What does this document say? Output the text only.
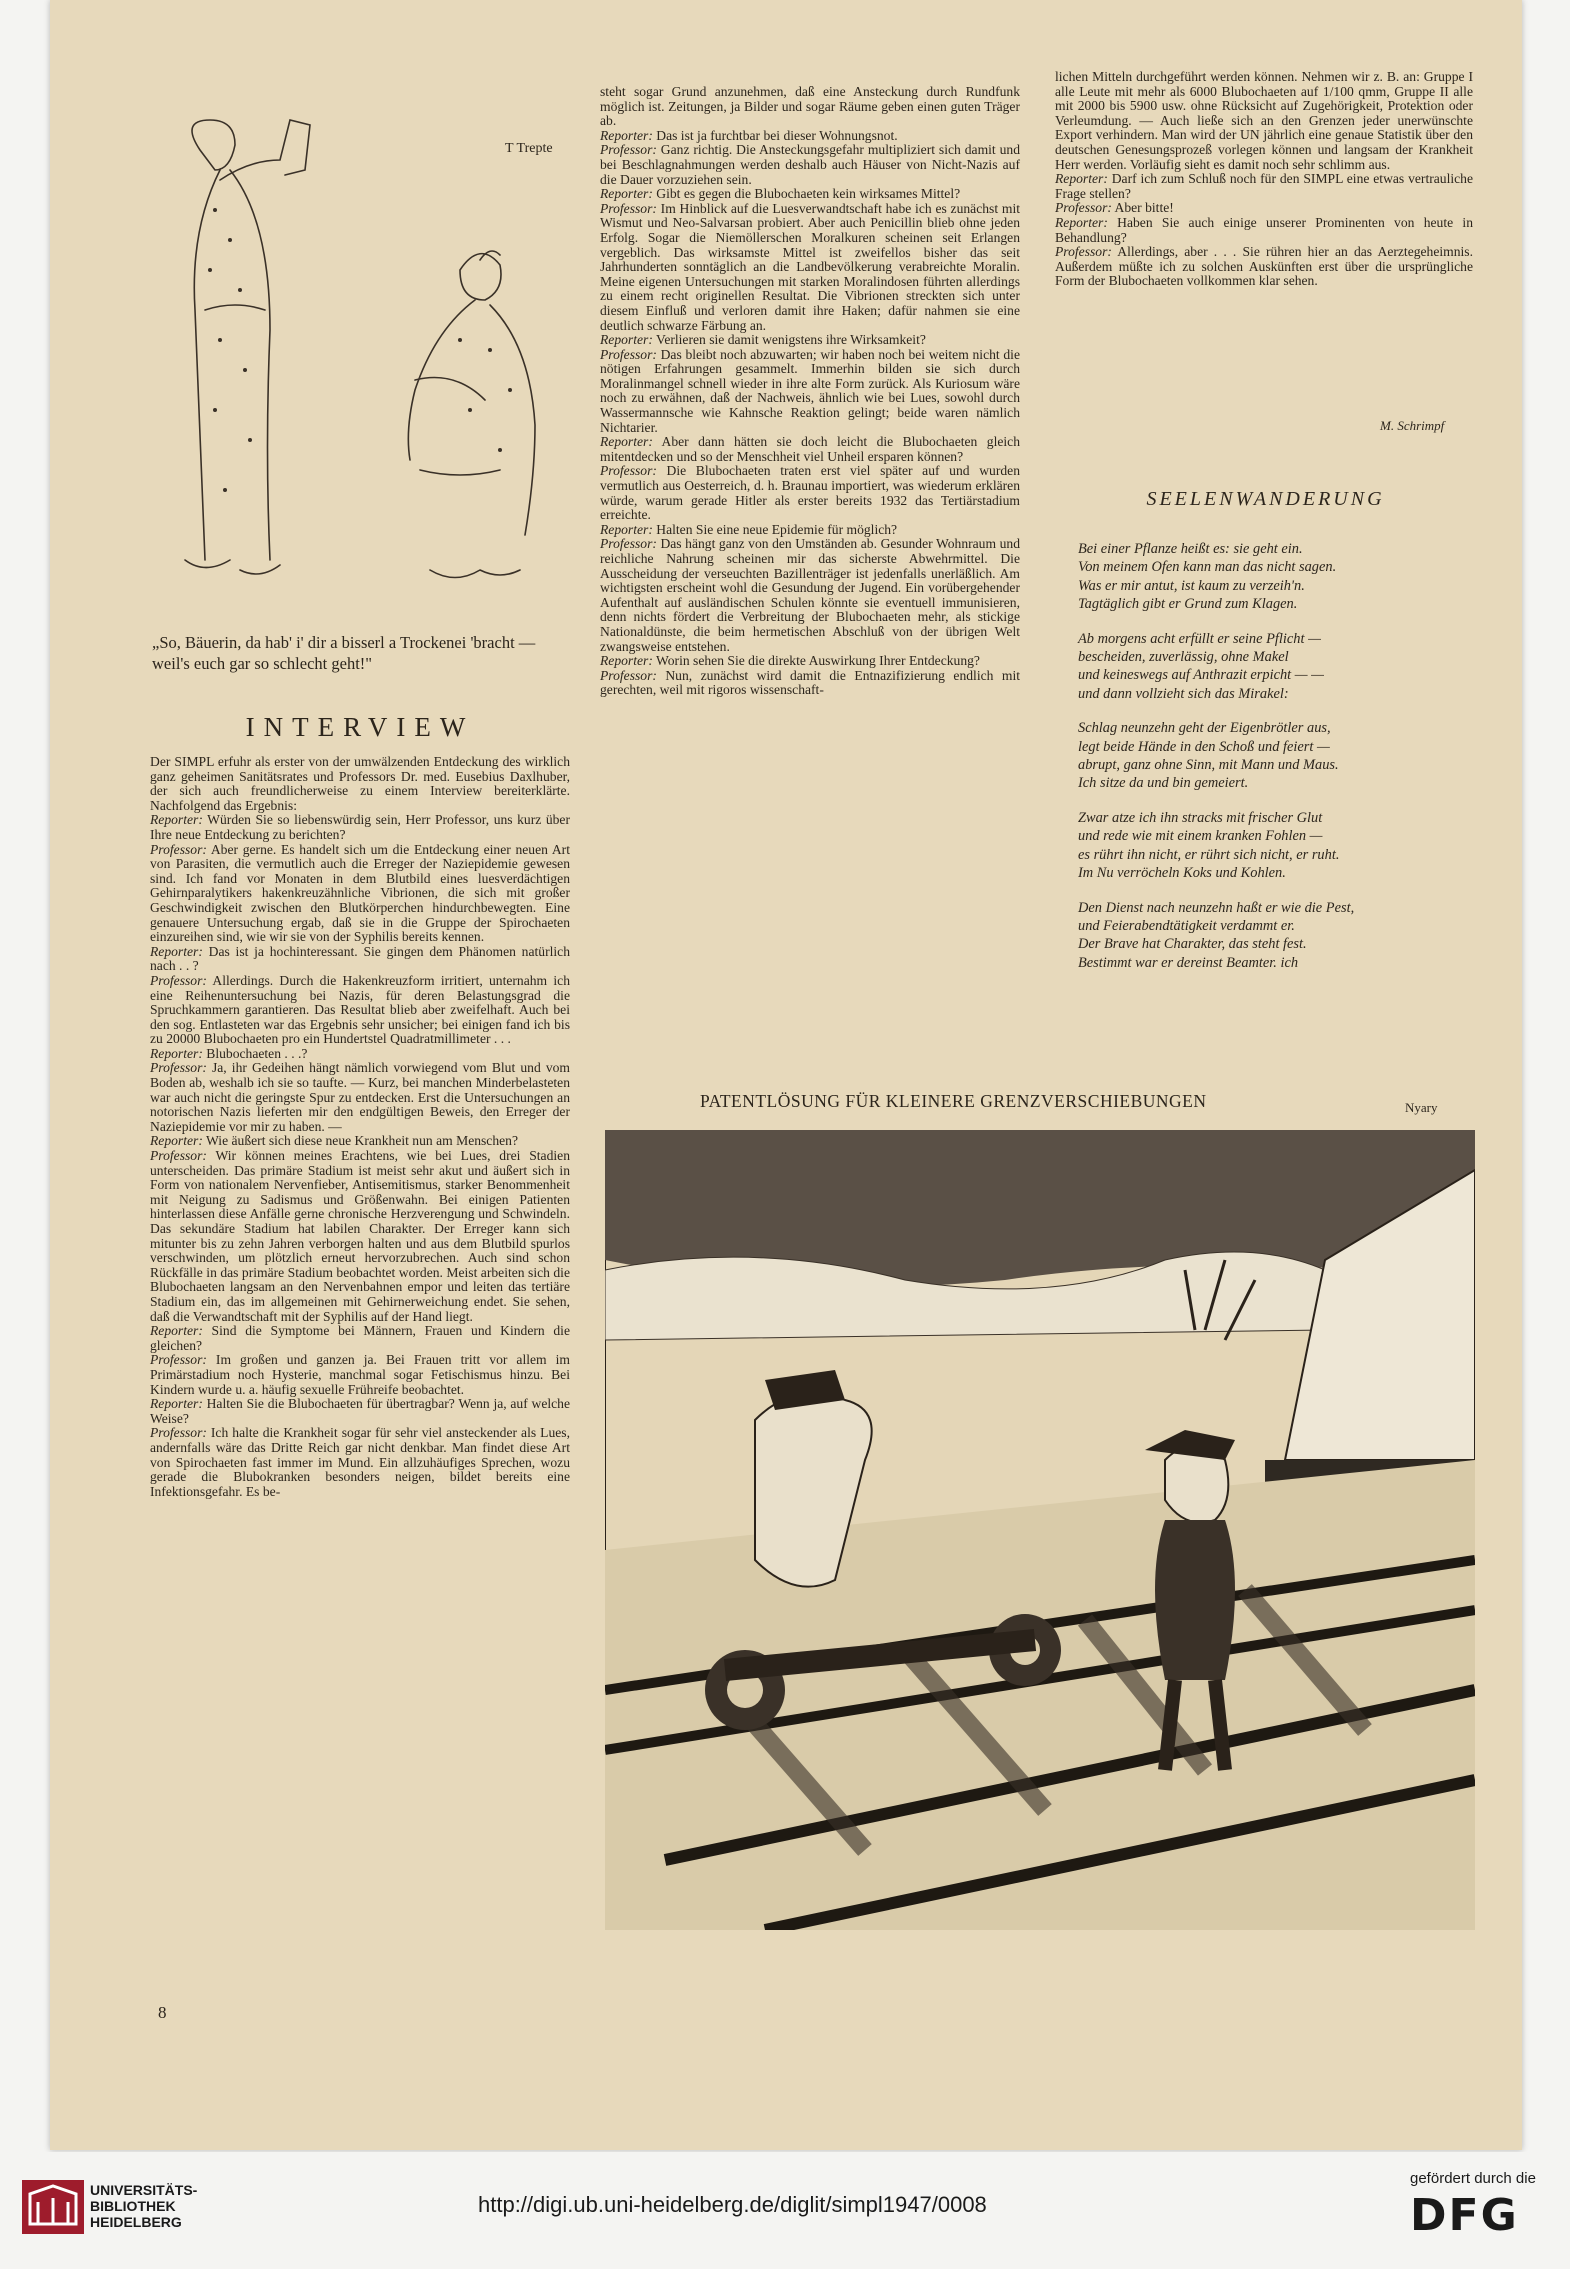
T Trepte
„So, Bäuerin, da hab' i' dir a bisserl a Trockenei 'bracht — weil's euch gar so schlecht geht!"
INTERVIEW

Der SIMPL erfuhr als erster von der umwälzenden Entdeckung des wirklich ganz geheimen Sanitätsrates und Professors Dr. med. Eusebius Daxlhuber, der sich auch freundlicherweise zu einem Interview bereiterklärte. Nachfolgend das Ergebnis:

Reporter: Würden Sie so liebenswürdig sein, Herr Professor, uns kurz über Ihre neue Entdeckung zu berichten?

Professor: Aber gerne. Es handelt sich um die Entdeckung einer neuen Art von Parasiten, die vermutlich auch die Erreger der Naziepidemie gewesen sind. Ich fand vor Monaten in dem Blutbild eines luesverdächtigen Gehirnparalytikers hakenkreuzähnliche Vibrionen, die sich mit großer Geschwindigkeit zwischen den Blutkörperchen hindurchbewegten. Eine genauere Untersuchung ergab, daß sie in die Gruppe der Spirochaeten einzureihen sind, wie wir sie von der Syphilis bereits kennen.

Reporter: Das ist ja hochinteressant. Sie gingen dem Phänomen natürlich nach . . ?

Professor: Allerdings. Durch die Hakenkreuzform irritiert, unternahm ich eine Reihenuntersuchung bei Nazis, für deren Belastungsgrad die Spruchkammern garantieren. Das Resultat blieb aber zweifelhaft. Auch bei den sog. Entlasteten war das Ergebnis sehr unsicher; bei einigen fand ich bis zu 20000 Blubochaeten pro ein Hundertstel Quadratmillimeter . . .

Reporter: Blubochaeten . . .?

Professor: Ja, ihr Gedeihen hängt nämlich vorwiegend vom Blut und vom Boden ab, weshalb ich sie so taufte. — Kurz, bei manchen Minderbelasteten war auch nicht die geringste Spur zu entdecken. Erst die Untersuchungen an notorischen Nazis lieferten mir den endgültigen Beweis, den Erreger der Naziepidemie vor mir zu haben. —

Reporter: Wie äußert sich diese neue Krankheit nun am Menschen?

Professor: Wir können meines Erachtens, wie bei Lues, drei Stadien unterscheiden. Das primäre Stadium ist meist sehr akut und äußert sich in Form von nationalem Nervenfieber, Antisemitismus, starker Benommenheit mit Neigung zu Sadismus und Größenwahn. Bei einigen Patienten hinterlassen diese Anfälle gerne chronische Herzverengung und Schwindeln. Das sekundäre Stadium hat labilen Charakter. Der Erreger kann sich mitunter bis zu zehn Jahren verborgen halten und aus dem Blutbild spurlos verschwinden, um plötzlich erneut hervorzubrechen. Auch sind schon Rückfälle in das primäre Stadium beobachtet worden. Meist arbeiten sich die Blubochaeten langsam an den Nervenbahnen empor und leiten das tertiäre Stadium ein, das im allgemeinen mit Gehirnerweichung endet. Sie sehen, daß die Verwandtschaft mit der Syphilis auf der Hand liegt.

Reporter: Sind die Symptome bei Männern, Frauen und Kindern die gleichen?

Professor: Im großen und ganzen ja. Bei Frauen tritt vor allem im Primärstadium noch Hysterie, manchmal sogar Fetischismus hinzu. Bei Kindern wurde u. a. häufig sexuelle Frühreife beobachtet.

Reporter: Halten Sie die Blubochaeten für übertragbar? Wenn ja, auf welche Weise?

Professor: Ich halte die Krankheit sogar für sehr viel ansteckender als Lues, andernfalls wäre das Dritte Reich gar nicht denkbar. Man findet diese Art von Spirochaeten fast immer im Mund. Ein allzuhäufiges Sprechen, wozu gerade die Blubokranken besonders neigen, bildet bereits eine Infektionsgefahr. Es be-

steht sogar Grund anzunehmen, daß eine Ansteckung durch Rundfunk möglich ist. Zeitungen, ja Bilder und sogar Räume geben einen guten Träger ab.

Reporter: Das ist ja furchtbar bei dieser Wohnungsnot.

Professor: Ganz richtig. Die Ansteckungsgefahr multipliziert sich damit und bei Beschlagnahmungen werden deshalb auch Häuser von Nicht-Nazis auf die Dauer vorzuziehen sein.

Reporter: Gibt es gegen die Blubochaeten kein wirksames Mittel?

Professor: Im Hinblick auf die Luesverwandtschaft habe ich es zunächst mit Wismut und Neo-Salvarsan probiert. Aber auch Penicillin blieb ohne jeden Erfolg. Sogar die Niemöllerschen Moralkuren scheinen seit Erlangen vergeblich. Das wirksamste Mittel ist zweifellos bisher das seit Jahrhunderten sonntäglich an die Landbevölkerung verabreichte Moralin. Meine eigenen Untersuchungen mit starken Moralindosen führten allerdings zu einem recht originellen Resultat. Die Vibrionen streckten sich unter diesem Einfluß und verloren damit ihre Haken; dafür nahmen sie eine deutlich schwarze Färbung an.

Reporter: Verlieren sie damit wenigstens ihre Wirksamkeit?

Professor: Das bleibt noch abzuwarten; wir haben noch bei weitem nicht die nötigen Erfahrungen gesammelt. Immerhin bilden sie sich durch Moralinmangel schnell wieder in ihre alte Form zurück. Als Kuriosum wäre noch zu erwähnen, daß der Nachweis, ähnlich wie bei Lues, sowohl durch Wassermannsche wie Kahnsche Reaktion gelingt; beide waren nämlich Nichtarier.

Reporter: Aber dann hätten sie doch leicht die Blubochaeten gleich mitentdecken und so der Menschheit viel Unheil ersparen können?

Professor: Die Blubochaeten traten erst viel später auf und wurden vermutlich aus Oesterreich, d. h. Braunau importiert, was wiederum erklären würde, warum gerade Hitler als erster bereits 1932 das Tertiärstadium erreichte.

Reporter: Halten Sie eine neue Epidemie für möglich?

Professor: Das hängt ganz von den Umständen ab. Gesunder Wohnraum und reichliche Nahrung scheinen mir das sicherste Abwehrmittel. Die Ausscheidung der verseuchten Bazillenträger ist jedenfalls unerläßlich. Am wichtigsten erscheint wohl die Gesundung der Jugend. Ein vorübergehender Aufenthalt auf ausländischen Schulen könnte sie eventuell immunisieren, denn nichts fördert die Verbreitung der Blubochaeten mehr, als stickige Nationaldünste, die beim hermetischen Abschluß von der übrigen Welt zwangsweise entstehen.

Reporter: Worin sehen Sie die direkte Auswirkung Ihrer Entdeckung?

Professor: Nun, zunächst wird damit die Entnazifizierung endlich mit gerechten, weil mit rigoros wissenschaft-

lichen Mitteln durchgeführt werden können. Nehmen wir z. B. an: Gruppe I alle Leute mit mehr als 6000 Blubochaeten auf 1/100 qmm, Gruppe II alle mit 2000 bis 5900 usw. ohne Rücksicht auf Zugehörigkeit, Protektion oder Verleumdung. — Auch ließe sich an den Grenzen jeder unerwünschte Export verhindern. Man wird der UN jährlich eine genaue Statistik über den deutschen Genesungsprozeß vorlegen können und langsam der Krankheit Herr werden. Vorläufig sieht es damit noch sehr schlimm aus.

Reporter: Darf ich zum Schluß noch für den SIMPL eine etwas vertrauliche Frage stellen?

Professor: Aber bitte!

Reporter: Haben Sie auch einige unserer Prominenten von heute in Behandlung?

Professor: Allerdings, aber . . . Sie rühren hier an das Aerztegeheimnis. Außerdem müßte ich zu solchen Auskünften erst über die ursprüngliche Form der Blubochaeten vollkommen klar sehen.

M. Schrimpf
SEELENWANDERUNG
Bei einer Pflanze heißt es: sie geht ein.
Von meinem Ofen kann man das nicht sagen.
Was er mir antut, ist kaum zu verzeih'n.
Tagtäglich gibt er Grund zum Klagen.
Ab morgens acht erfüllt er seine Pflicht —
bescheiden, zuverlässig, ohne Makel
und keineswegs auf Anthrazit erpicht — —
und dann vollzieht sich das Mirakel:
Schlag neunzehn geht der Eigenbrötler aus,
legt beide Hände in den Schoß und feiert —
abrupt, ganz ohne Sinn, mit Mann und Maus.
Ich sitze da und bin gemeiert.
Zwar atze ich ihn stracks mit frischer Glut
und rede wie mit einem kranken Fohlen —
es rührt ihn nicht, er rührt sich nicht, er ruht.
Im Nu verröcheln Koks und Kohlen.
Den Dienst nach neunzehn haßt er wie die Pest,
und Feierabendtätigkeit verdammt er.
Der Brave hat Charakter, das steht fest.
Bestimmt war er dereinst Beamter. ich
PATENTLÖSUNG FÜR KLEINERE GRENZVERSCHIEBUNGEN	Nyary
8
UNIVERSITÄTS-
BIBLIOTHEK
HEIDELBERG
http://digi.ub.uni-heidelberg.de/diglit/simpl1947/0008
gefördert durch die
DFG
